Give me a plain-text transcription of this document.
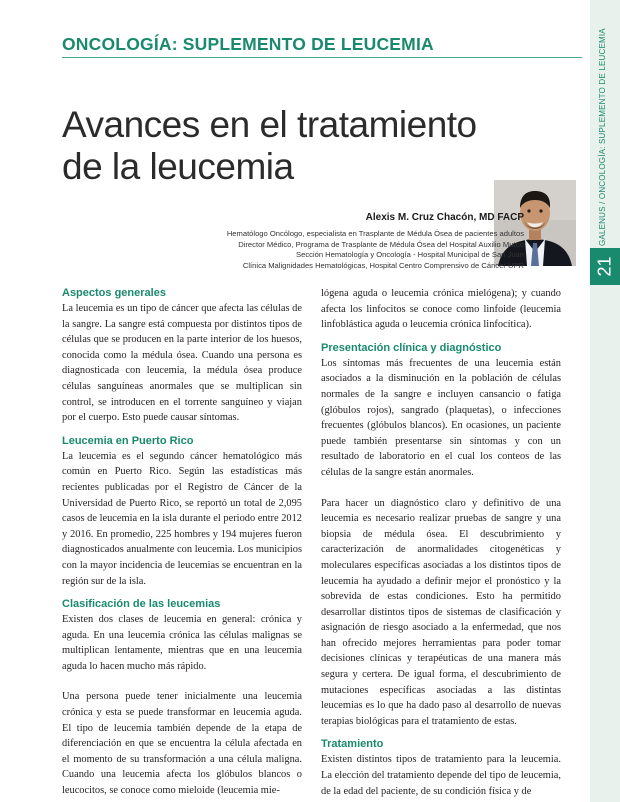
GALENUS / ONCOLOGÍA: SUPLEMENTO DE LEUCEMIA
21
ONCOLOGÍA: SUPLEMENTO DE LEUCEMIA
Avances en el tratamiento
de la leucemia

Alexis M. Cruz Chacón, MD FACP

Hematólogo Oncólogo, especialista en Trasplante de Médula Ósea de pacientes adultos

Director Médico, Programa de Trasplante de Médula Ósea del Hospital Auxilio Mutuo

Sección Hematología y Oncología - Hospital Municipal de San Juan

Clínica Malignidades Hematológicas, Hospital Centro Comprensivo de Cáncer UPR

Aspectos generales

La leucemia es un tipo de cáncer que afecta las células de la sangre. La sangre está compuesta por distintos tipos de células que se producen en la parte interior de los huesos, conocida como la médula ósea. Cuando una persona es diagnosticada con leucemia, la médula ósea produce células sanguíneas anormales que se multiplican sin control, se introducen en el torrente sanguíneo y viajan por el cuerpo. Esto puede causar síntomas.

Leucemia en Puerto Rico

La leucemia es el segundo cáncer hematológico más común en Puerto Rico. Según las estadísticas más recientes publicadas por el Registro de Cáncer de la Universidad de Puerto Rico, se reportó un total de 2,095 casos de leucemia en la isla durante el periodo entre 2012 y 2016. En promedio, 225 hombres y 194 mujeres fueron diagnosticados anualmente con leucemia. Los municipios con la mayor incidencia de leucemias se encuentran en la región sur de la isla.

Clasificación de las leucemias

Existen dos clases de leucemia en general: crónica y aguda. En una leucemia crónica las células malignas se multiplican lentamente, mientras que en una leucemia aguda lo hacen mucho más rápido.

Una persona puede tener inicialmente una leucemia crónica y esta se puede transformar en leucemia aguda. El tipo de leucemia también depende de la etapa de diferenciación en que se encuentra la célula afectada en el momento de su transformación a una célula maligna. Cuando una leucemia afecta los glóbulos blancos o leucocitos, se conoce como mieloide (leucemia mie-

lógena aguda o leucemia crónica mielógena); y cuando afecta los linfocitos se conoce como linfoide (leucemia linfoblástica aguda o leucemia crónica linfocítica).

Presentación clínica y diagnóstico

Los síntomas más frecuentes de una leucemia están asociados a la disminución en la población de células normales de la sangre e incluyen cansancio o fatiga (glóbulos rojos), sangrado (plaquetas), o infecciones frecuentes (glóbulos blancos). En ocasiones, un paciente puede también presentarse sin síntomas y con un resultado de laboratorio en el cual los conteos de las células de la sangre están anormales.

Para hacer un diagnóstico claro y definitivo de una leucemia es necesario realizar pruebas de sangre y una biopsia de médula ósea. El descubrimiento y caracterización de anormalidades citogenéticas y moleculares específicas asociadas a los distintos tipos de leucemia ha ayudado a definir mejor el pronóstico y la sobrevida de estas condiciones. Esto ha permitido desarrollar distintos tipos de sistemas de clasificación y asignación de riesgo asociado a la enfermedad, que nos han ofrecido mejores herramientas para poder tomar decisiones clínicas y terapéuticas de una manera más segura y certera. De igual forma, el descubrimiento de mutaciones específicas asociadas a las distintas leucemias es lo que ha dado paso al desarrollo de nuevas terapias biológicas para el tratamiento de estas.

Tratamiento

Existen distintos tipos de tratamiento para la leucemia. La elección del tratamiento depende del tipo de leucemia, de la edad del paciente, de su condición física y de
